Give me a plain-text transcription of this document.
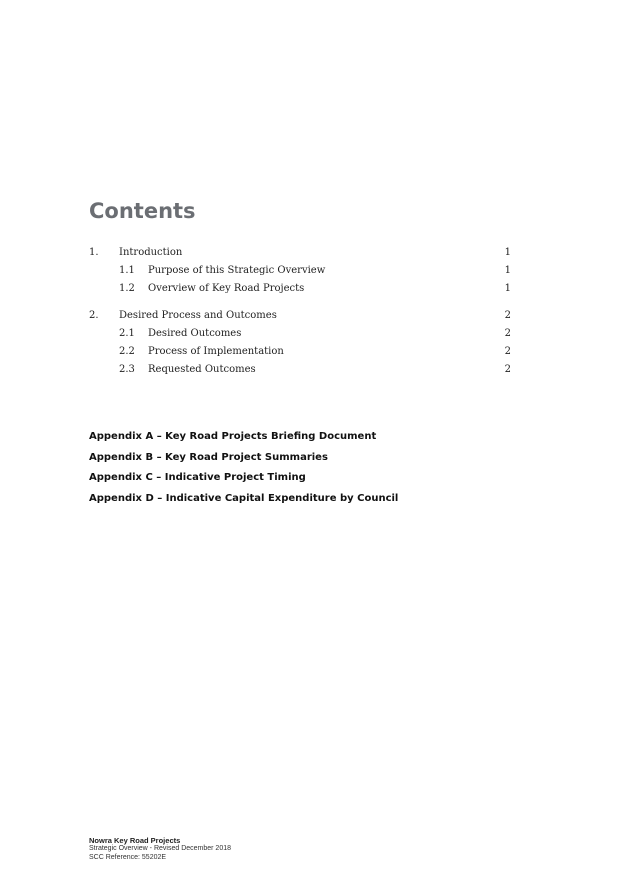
Contents
1. Introduction	1
1.1 Purpose of this Strategic Overview	1
1.2 Overview of Key Road Projects	1
2. Desired Process and Outcomes	2
2.1 Desired Outcomes	2
2.2 Process of Implementation	2
2.3 Requested Outcomes	2
Appendix A – Key Road Projects Briefing Document
Appendix B – Key Road Project Summaries
Appendix C – Indicative Project Timing
Appendix D – Indicative Capital Expenditure by Council
Nowra Key Road Projects
Strategic Overview - Revised December 2018
SCC Reference: 55202E
